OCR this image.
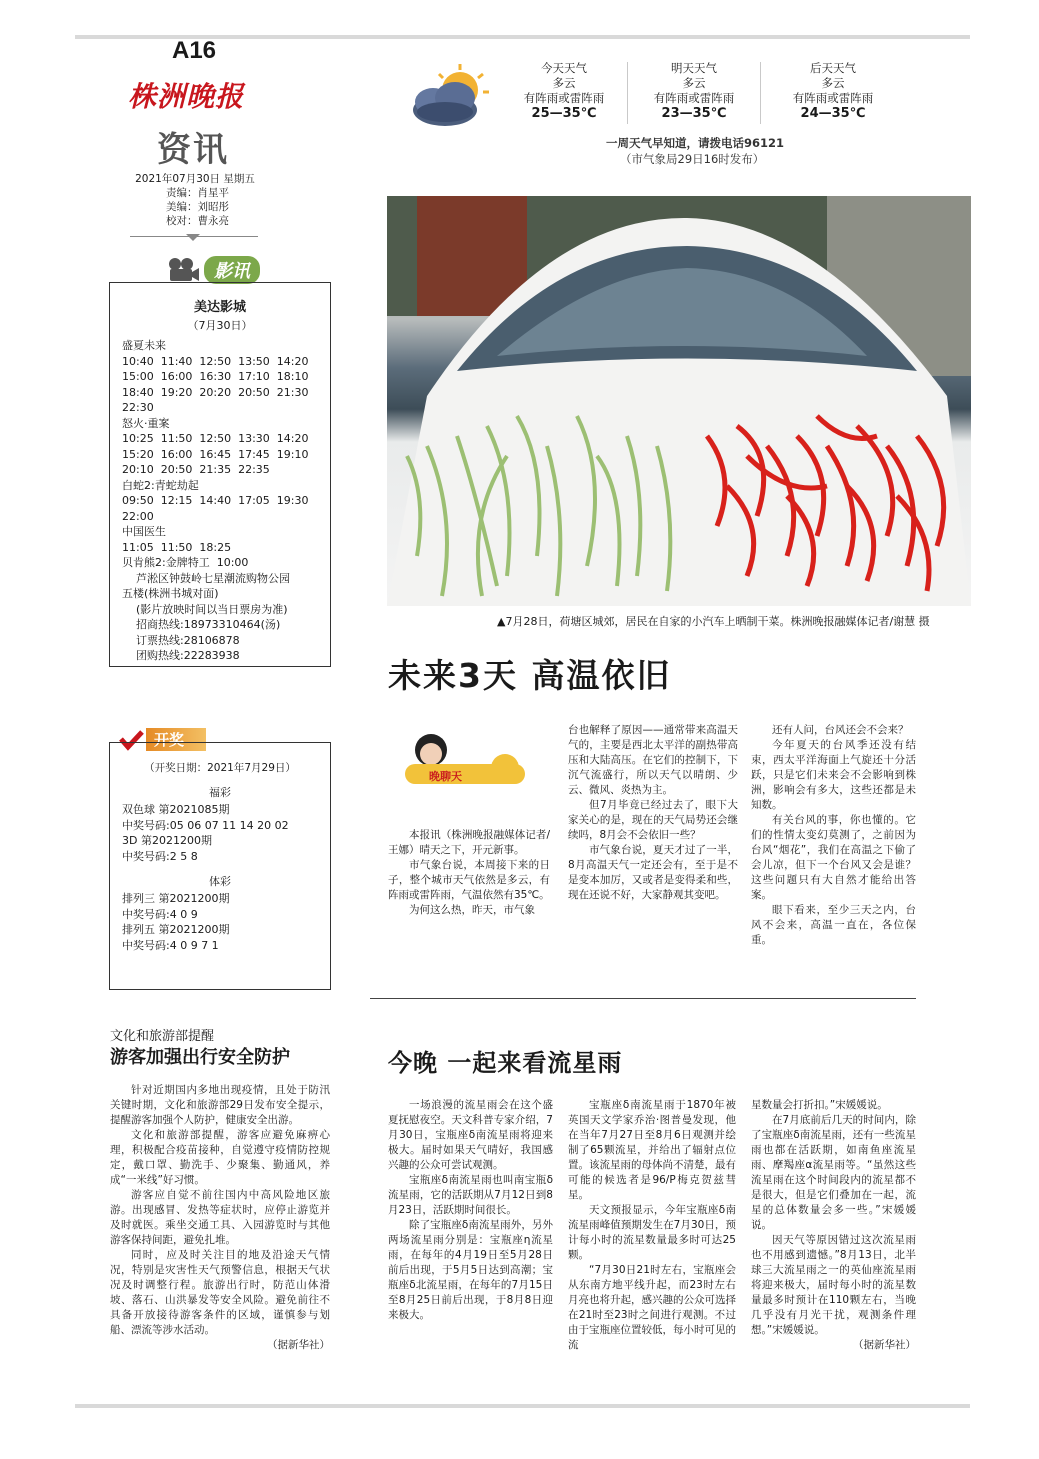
A16
株洲晚报
资讯
2021年07月30日 星期五
责编：肖星平
美编：刘昭彤
校对：曹永亮
今天天气
多云
有阵雨或雷阵雨
25—35℃
明天天气
多云
有阵雨或雷阵雨
23—35℃
后天天气
多云
有阵雨或雷阵雨
24—35℃
一周天气早知道，请拨电话96121
（市气象局29日16时发布）
影讯
美达影城
（7月30日）
盛夏未来
10:40  11:40  12:50  13:50  14:20
15:00  16:00  16:30  17:10  18:10
18:40  19:20  20:20  20:50  21:30
22:30
怒火·重案
10:25  11:50  12:50  13:30  14:20
15:20  16:00  16:45  17:45  19:10
20:10  20:50  21:35  22:35
白蛇2:青蛇劫起
09:50  12:15  14:40  17:05  19:30
22:00
中国医生
11:05  11:50  18:25
贝肯熊2:金牌特工  10:00
芦淞区钟鼓岭七星潮流购物公园
五楼(株洲书城对面)
(影片放映时间以当日票房为准)
招商热线:18973310464(汤)
订票热线:28106878
团购热线:22283938
开奖
（开奖日期：2021年7月29日）
福彩
双色球 第2021085期
中奖号码:05 06 07 11 14 20 02
3D 第2021200期
中奖号码:2 5 8
体彩
排列三 第2021200期
中奖号码:4 0 9
排列五 第2021200期
中奖号码:4 0 9 7 1
▲7月28日，荷塘区城郊，居民在自家的小汽车上晒制干菜。株洲晚报融媒体记者/谢慧 摄
未来3天 高温依旧
晚聊天

本报讯（株洲晚报融媒体记者/王娜）晴天之下，开元新事。

市气象台说，本周接下来的日子，整个城市天气依然是多云，有阵雨或雷阵雨，气温依然有35℃。

为何这么热，昨天，市气象

台也解释了原因——通常带来高温天气的，主要是西北太平洋的副热带高压和大陆高压。在它们的控制下，下沉气流盛行，所以天气以晴朗、少云、微风、炎热为主。

但7月毕竟已经过去了，眼下大家关心的是，现在的天气局势还会继续吗，8月会不会依旧一些？

市气象台说，夏天才过了一半，8月高温天气一定还会有，至于是不是变本加厉，又或者是变得柔和些，现在还说不好，大家静观其变吧。

还有人问，台风还会不会来？

今年夏天的台风季还没有结束，西太平洋海面上气旋还十分活跃，只是它们未来会不会影响到株洲，影响会有多大，这些还都是未知数。

有关台风的事，你也懂的。它们的性情太变幻莫测了，之前因为台风“烟花”，我们在高温之下偷了会儿凉，但下一个台风又会是谁？这些问题只有大自然才能给出答案。

眼下看来，至少三天之内，台风不会来，高温一直在，各位保重。

文化和旅游部提醒
游客加强出行安全防护

针对近期国内多地出现疫情，且处于防汛关键时期，文化和旅游部29日发布安全提示，提醒游客加强个人防护，健康安全出游。

文化和旅游部提醒，游客应避免麻痹心理，积极配合疫苗接种，自觉遵守疫情防控规定，戴口罩、勤洗手、少聚集、勤通风，养成“一米线”好习惯。

游客应自觉不前往国内中高风险地区旅游。出现感冒、发热等症状时，应停止游览并及时就医。乘坐交通工具、入园游览时与其他游客保持间距，避免扎堆。

同时，应及时关注目的地及沿途天气情况，特别是灾害性天气预警信息，根据天气状况及时调整行程。旅游出行时，防范山体滑坡、落石、山洪暴发等安全风险。避免前往不具备开放接待游客条件的区域，谨慎参与划船、漂流等涉水活动。

（据新华社）
今晚 一起来看流星雨

一场浪漫的流星雨会在这个盛夏抚慰夜空。天文科普专家介绍，7月30日，宝瓶座δ南流星雨将迎来极大。届时如果天气晴好，我国感兴趣的公众可尝试观测。

宝瓶座δ南流星雨也叫南宝瓶δ流星雨，它的活跃期从7月12日到8月23日，活跃期时间很长。

除了宝瓶座δ南流星雨外，另外两场流星雨分别是：宝瓶座η流星雨，在每年的4月19日至5月28日前后出现，于5月5日达到高潮；宝瓶座δ北流星雨，在每年的7月15日至8月25日前后出现，于8月8日迎来极大。

宝瓶座δ南流星雨于1870年被英国天文学家乔治·图普曼发现，他在当年7月27日至8月6日观测并绘制了65颗流星，并给出了辐射点位置。该流星雨的母体尚不清楚，最有可能的候选者是96/P梅克贺兹彗星。

天文预报显示，今年宝瓶座δ南流星雨峰值预期发生在7月30日，预计每小时的流星数量最多时可达25颗。

“7月30日21时左右，宝瓶座会从东南方地平线升起，而23时左右月亮也将升起，感兴趣的公众可选择在21时至23时之间进行观测。不过由于宝瓶座位置较低，每小时可见的流

星数量会打折扣。”宋媛媛说。

在7月底前后几天的时间内，除了宝瓶座δ南流星雨，还有一些流星雨也都在活跃期，如南鱼座流星雨、摩羯座α流星雨等。“虽然这些流星雨在这个时间段内的流星都不是很大，但是它们叠加在一起，流星的总体数量会多一些。”宋媛媛说。

因天气等原因错过这次流星雨也不用感到遗憾。”8月13日，北半球三大流星雨之一的英仙座流星雨将迎来极大，届时每小时的流星数量最多时预计在110颗左右，当晚几乎没有月光干扰，观测条件理想。”宋媛媛说。

（据新华社）
